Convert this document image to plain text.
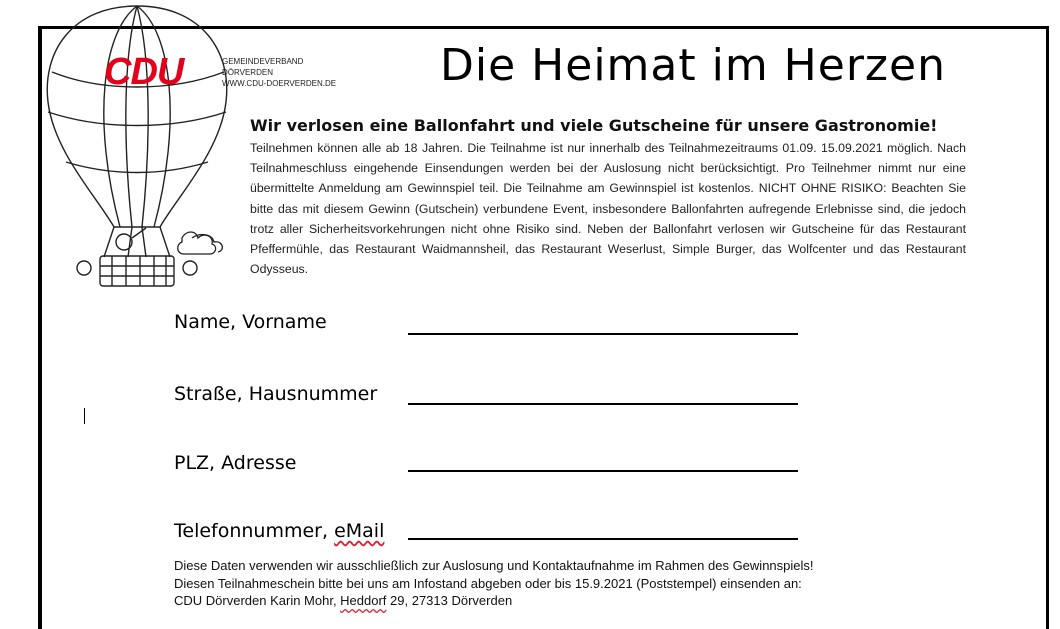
CDU	GEMEINDEVERBAND
DÖRVERDEN
WWW.CDU-DOERVERDEN.DE Die Heimat im Herzen
Wir verlosen eine Ballonfahrt und viele Gutscheine für unsere Gastronomie!
Teilnehmen können alle ab 18 Jahren. Die Teilnahme ist nur innerhalb des Teilnahmezeitraums 01.09. 15.09.2021 möglich. Nach Teilnahmeschluss eingehende Einsendungen werden bei der Auslosung nicht berücksichtigt. Pro Teilnehmer nimmt nur eine übermittelte Anmeldung am Gewinnspiel teil. Die Teilnahme am Gewinnspiel ist kostenlos. NICHT OHNE RISIKO: Beachten Sie bitte das mit diesem Gewinn (Gutschein) verbundene Event, insbesondere Ballonfahrten aufregende Erlebnisse sind, die jedoch trotz aller Sicherheitsvorkehrungen nicht ohne Risiko sind. Neben der Ballonfahrt verlosen wir Gutscheine für das Restaurant Pfeffermühle, das Restaurant Waidmannsheil, das Restaurant Weserlust, Simple Burger, das Wolfcenter und das Restaurant Odysseus.
Name, Vorname
Straße, Hausnummer
PLZ, Adresse
Telefonnummer, eMail
Diese Daten verwenden wir ausschließlich zur Auslosung und Kontaktaufnahme im Rahmen des Gewinnspiels!
Diesen Teilnahmeschein bitte bei uns am Infostand abgeben oder bis 15.9.2021 (Poststempel) einsenden an:
CDU Dörverden Karin Mohr, Heddorf 29, 27313 Dörverden
